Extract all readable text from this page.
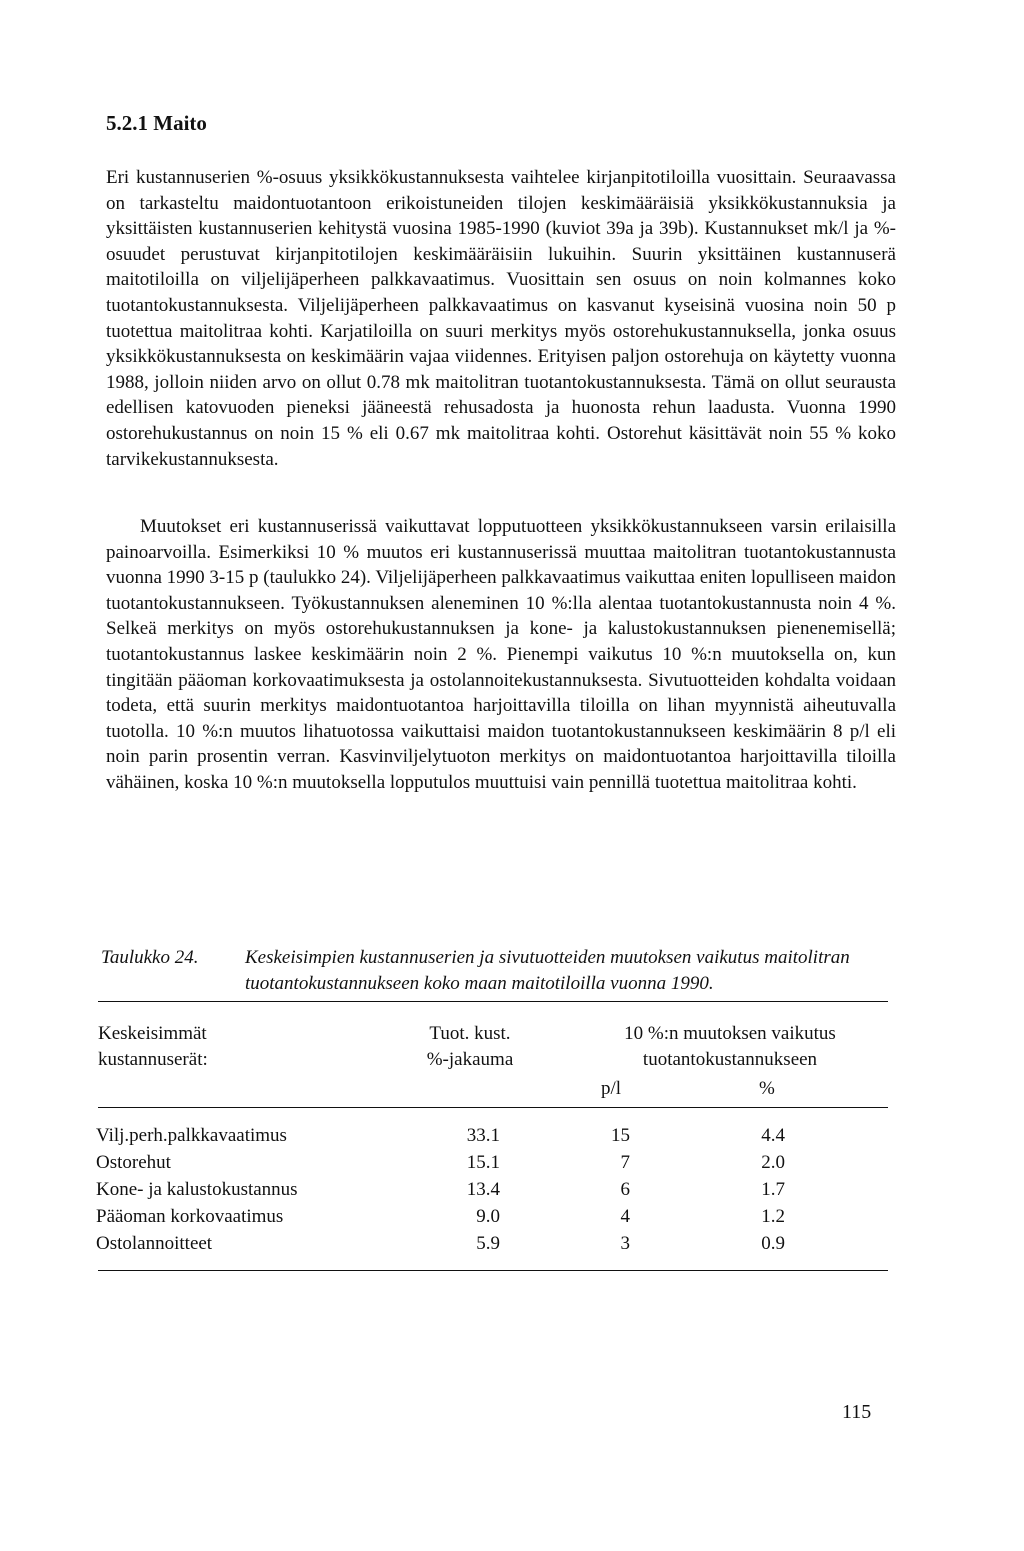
5.2.1 Maito

Eri kustannuserien %-osuus yksikkökustannuksesta vaihtelee kirjanpitotiloilla vuosittain. Seuraavassa on tarkasteltu maidontuotantoon erikoistuneiden tilojen keskimääräisiä yksikkökustannuksia ja yksittäisten kustannuserien kehitystä vuosina 1985-1990 (kuviot 39a ja 39b). Kustannukset mk/l ja %-osuudet perustuvat kirjanpitotilojen keskimääräisiin lukuihin. Suurin yksittäinen kustannuserä maitotiloilla on viljelijäperheen palkkavaatimus. Vuosittain sen osuus on noin kolmannes koko tuotantokustannuksesta. Viljelijäperheen palkkavaatimus on kasvanut kyseisinä vuosina noin 50 p tuotettua maitolitraa kohti. Karjatiloilla on suuri merkitys myös ostorehukustannuksella, jonka osuus yksikkökustannuksesta on keskimäärin vajaa viidennes. Erityisen paljon ostorehuja on käytetty vuonna 1988, jolloin niiden arvo on ollut 0.78 mk maitolitran tuotantokustannuksesta. Tämä on ollut seurausta edellisen katovuoden pieneksi jääneestä rehusadosta ja huonosta rehun laadusta. Vuonna 1990 ostorehukustannus on noin 15 % eli 0.67 mk maitolitraa kohti. Ostorehut käsittävät noin 55 % koko tarvikekustannuksesta.

Muutokset eri kustannuserissä vaikuttavat lopputuotteen yksikkökustannukseen varsin erilaisilla painoarvoilla. Esimerkiksi 10 % muutos eri kustannuserissä muuttaa maitolitran tuotantokustannusta vuonna 1990 3-15 p (taulukko 24). Viljelijäperheen palkkavaatimus vaikuttaa eniten lopulliseen maidon tuotantokustannukseen. Työkustannuksen aleneminen 10 %:lla alentaa tuotantokustannusta noin 4 %. Selkeä merkitys on myös ostorehukustannuksen ja kone- ja kalustokustannuksen pienenemisellä; tuotantokustannus laskee keskimäärin noin 2 %. Pienempi vaikutus 10 %:n muutoksella on, kun tingitään pääoman korkovaatimuksesta ja ostolannoitekustannuksesta. Sivutuotteiden kohdalta voidaan todeta, että suurin merkitys maidontuotantoa harjoittavilla tiloilla on lihan myynnistä aiheutuvalla tuotolla. 10 %:n muutos lihatuotossa vaikuttaisi maidon tuotantokustannukseen keskimäärin 8 p/l eli noin parin prosentin verran. Kasvinviljelytuoton merkitys on maidontuotantoa harjoittavilla tiloilla vähäinen, koska 10 %:n muutoksella lopputulos muuttuisi vain pennillä tuotettua maitolitraa kohti.

Taulukko 24. Keskeisimpien kustannuserien ja sivutuotteiden muutoksen vaikutus maitolitran tuotantokustannukseen koko maan maitotiloilla vuonna 1990.
Keskeisimmät
kustannuserät:
Tuot. kust.
%-jakauma
10 %:n muutoksen vaikutus
tuotantokustannukseen
p/l	%
Vilj.perh.palkkavaatimus	33.1	15	4.4
Ostorehut	15.1	7	2.0
Kone- ja kalustokustannus	13.4	6	1.7
Pääoman korkovaatimus	9.0	4	1.2
Ostolannoitteet	5.9	3	0.9
115
